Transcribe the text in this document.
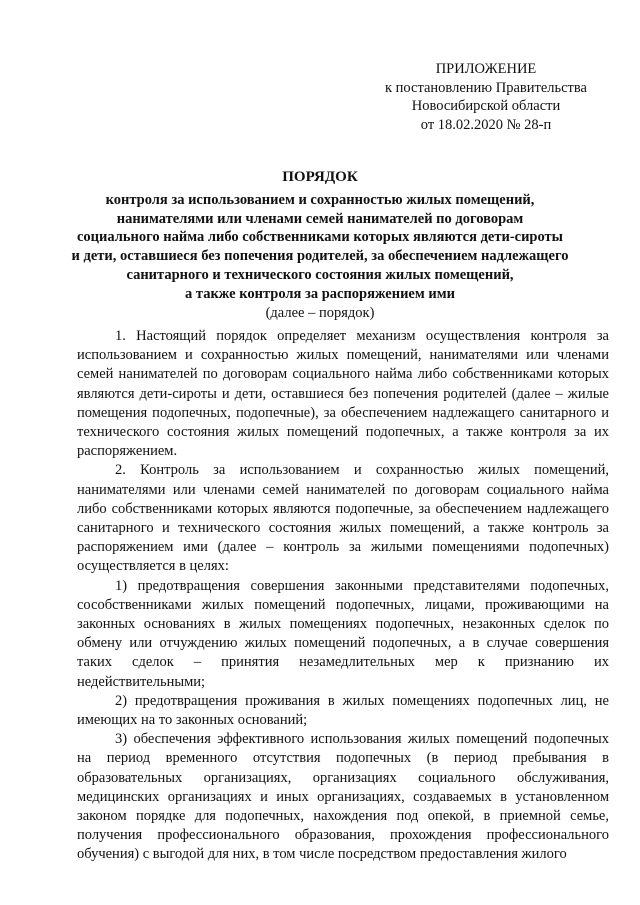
ПРИЛОЖЕНИЕ
к постановлению Правительства
Новосибирской области
от 18.02.2020 № 28-п
ПОРЯДОК
контроля за использованием и сохранностью жилых помещений,
нанимателями или членами семей нанимателей по договорам
социального найма либо собственниками которых являются дети-сироты
и дети, оставшиеся без попечения родителей, за обеспечением надлежащего
санитарного и технического состояния жилых помещений,
а также контроля за распоряжением ими
(далее – порядок)

1. Настоящий порядок определяет механизм осуществления контроля за использованием и сохранностью жилых помещений, нанимателями или членами семей нанимателей по договорам социального найма либо собственниками которых являются дети-сироты и дети, оставшиеся без попечения родителей (далее – жилые помещения подопечных, подопечные), за обеспечением надлежащего санитарного и технического состояния жилых помещений подопечных, а также контроля за их распоряжением.

2. Контроль за использованием и сохранностью жилых помещений, нанимателями или членами семей нанимателей по договорам социального найма либо собственниками которых являются подопечные, за обеспечением надлежащего санитарного и технического состояния жилых помещений, а также контроль за распоряжением ими (далее – контроль за жилыми помещениями подопечных) осуществляется в целях:

1) предотвращения совершения законными представителями подопечных, сособственниками жилых помещений подопечных, лицами, проживающими на законных основаниях в жилых помещениях подопечных, незаконных сделок по обмену или отчуждению жилых помещений подопечных, а в случае совершения таких сделок – принятия незамедлительных мер к признанию их недействительными;

2) предотвращения проживания в жилых помещениях подопечных лиц, не имеющих на то законных оснований;

3) обеспечения эффективного использования жилых помещений подопечных на период временного отсутствия подопечных (в период пребывания в образовательных организациях, организациях социального обслуживания, медицинских организациях и иных организациях, создаваемых в установленном законом порядке для подопечных, нахождения под опекой, в приемной семье, получения профессионального образования, прохождения профессионального обучения) с выгодой для них, в том числе посредством предоставления жилого
